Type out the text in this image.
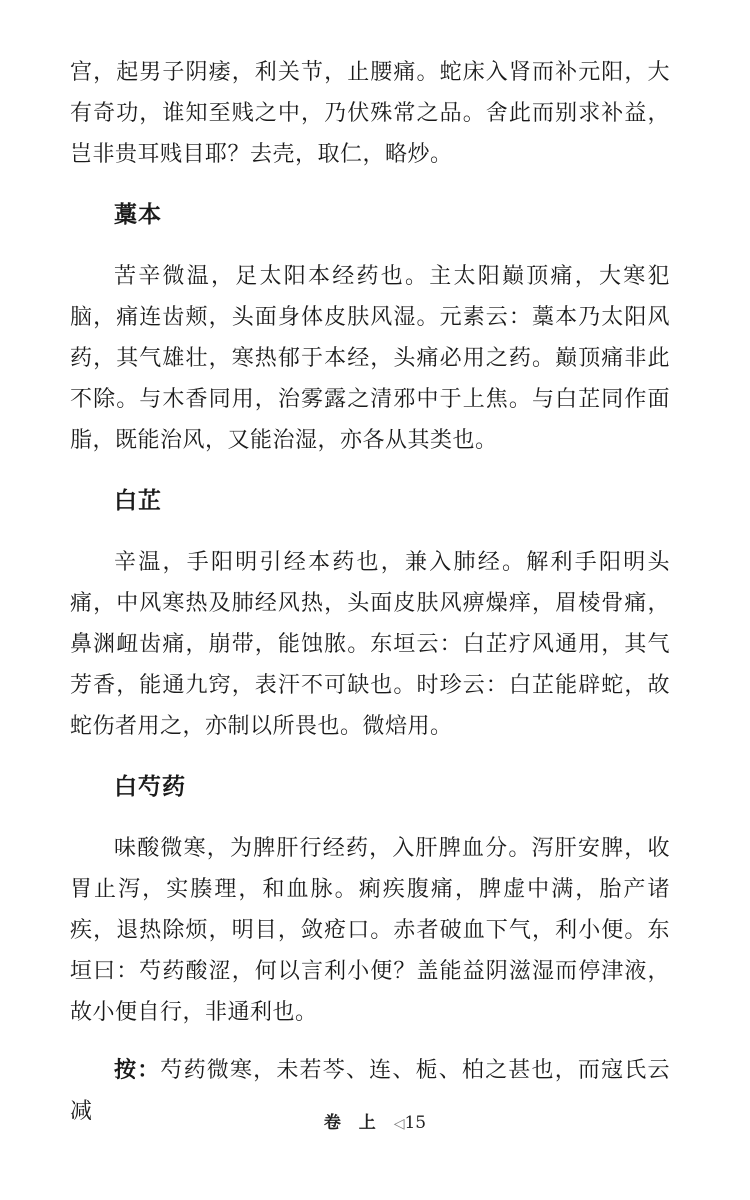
宫，起男子阴痿，利关节，止腰痛。蛇床入肾而补元阳，大有奇功，谁知至贱之中，乃伏殊常之品。舍此而别求补益，岂非贵耳贱目耶？去壳，取仁，略炒。

藁本

苦辛微温，足太阳本经药也。主太阳巅顶痛，大寒犯脑，痛连齿颊，头面身体皮肤风湿。元素云：藁本乃太阳风药，其气雄壮，寒热郁于本经，头痛必用之药。巅顶痛非此不除。与木香同用，治雾露之清邪中于上焦。与白芷同作面脂，既能治风，又能治湿，亦各从其类也。

白芷

辛温，手阳明引经本药也，兼入肺经。解利手阳明头痛，中风寒热及肺经风热，头面皮肤风痹燥痒，眉棱骨痛，鼻渊衄齿痛，崩带，能蚀脓。东垣云：白芷疗风通用，其气芳香，能通九窍，表汗不可缺也。时珍云：白芷能辟蛇，故蛇伤者用之，亦制以所畏也。微焙用。

白芍药

味酸微寒，为脾肝行经药，入肝脾血分。泻肝安脾，收胃止泻，实腠理，和血脉。痢疾腹痛，脾虚中满，胎产诸疾，退热除烦，明目，敛疮口。赤者破血下气，利小便。东垣曰：芍药酸涩，何以言利小便？盖能益阴滋湿而停津液，故小便自行，非通利也。

按：芍药微寒，未若芩、连、栀、柏之甚也，而寇氏云减	卷 上 ◁15
